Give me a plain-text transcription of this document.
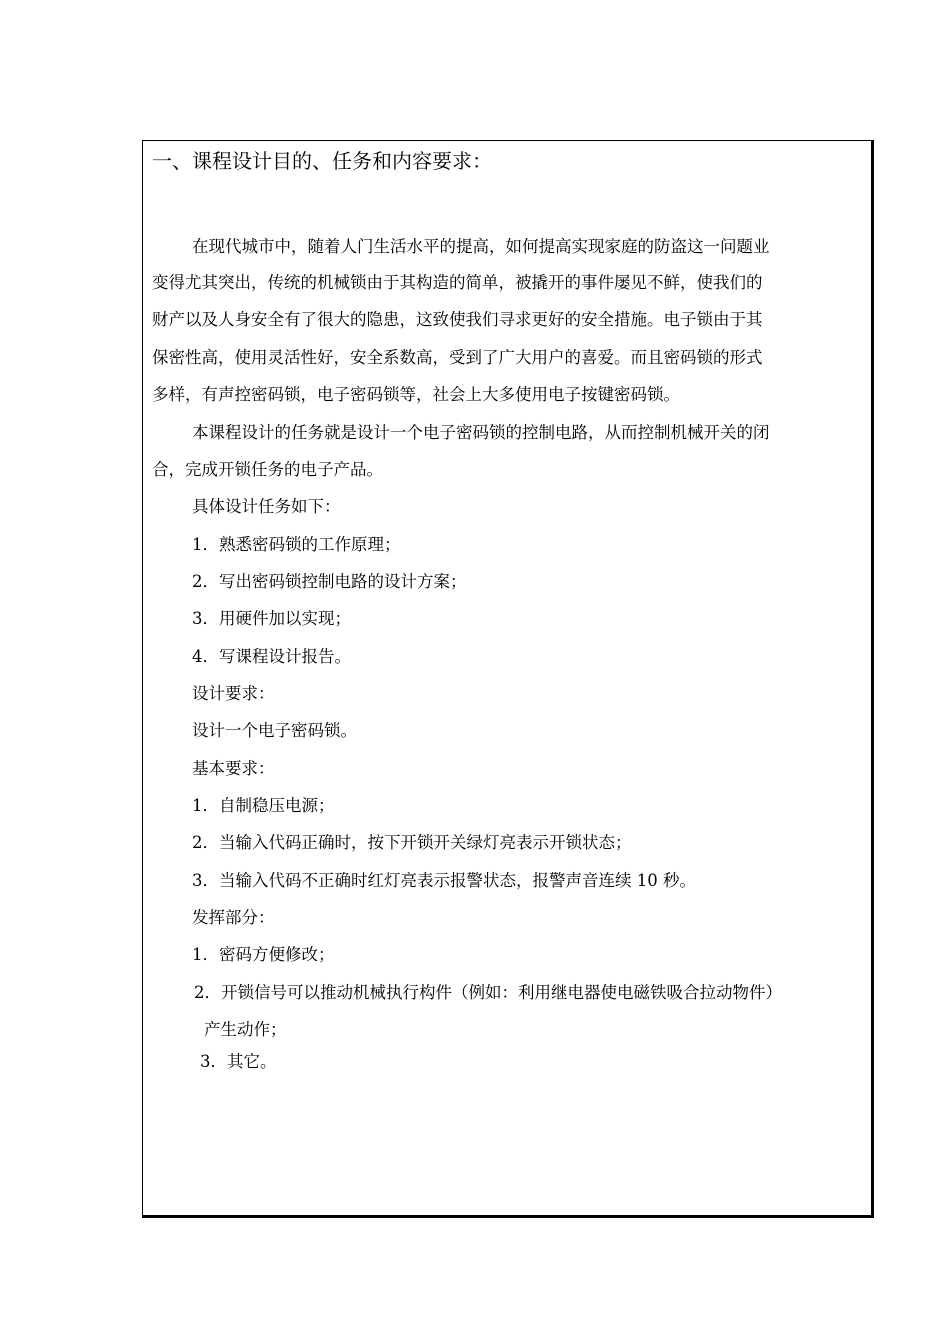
一、课程设计目的、任务和内容要求：
在现代城市中，随着人门生活水平的提高，如何提高实现家庭的防盗这一问题业
变得尤其突出，传统的机械锁由于其构造的简单，被撬开的事件屡见不鲜，使我们的
财产以及人身安全有了很大的隐患，这致使我们寻求更好的安全措施。电子锁由于其
保密性高，使用灵活性好，安全系数高，受到了广大用户的喜爱。而且密码锁的形式
多样，有声控密码锁，电子密码锁等，社会上大多使用电子按键密码锁。
本课程设计的任务就是设计一个电子密码锁的控制电路，从而控制机械开关的闭
合，完成开锁任务的电子产品。
具体设计任务如下：
1．熟悉密码锁的工作原理；
2．写出密码锁控制电路的设计方案；
3．用硬件加以实现；
4．写课程设计报告。
设计要求：
设计一个电子密码锁。
基本要求：
1．自制稳压电源；
2．当输入代码正确时，按下开锁开关绿灯亮表示开锁状态；
3．当输入代码不正确时红灯亮表示报警状态，报警声音连续 10 秒。
发挥部分：
1．密码方便修改；
2．开锁信号可以推动机械执行构件（例如：利用继电器使电磁铁吸合拉动物件）
产生动作；
3．其它。
